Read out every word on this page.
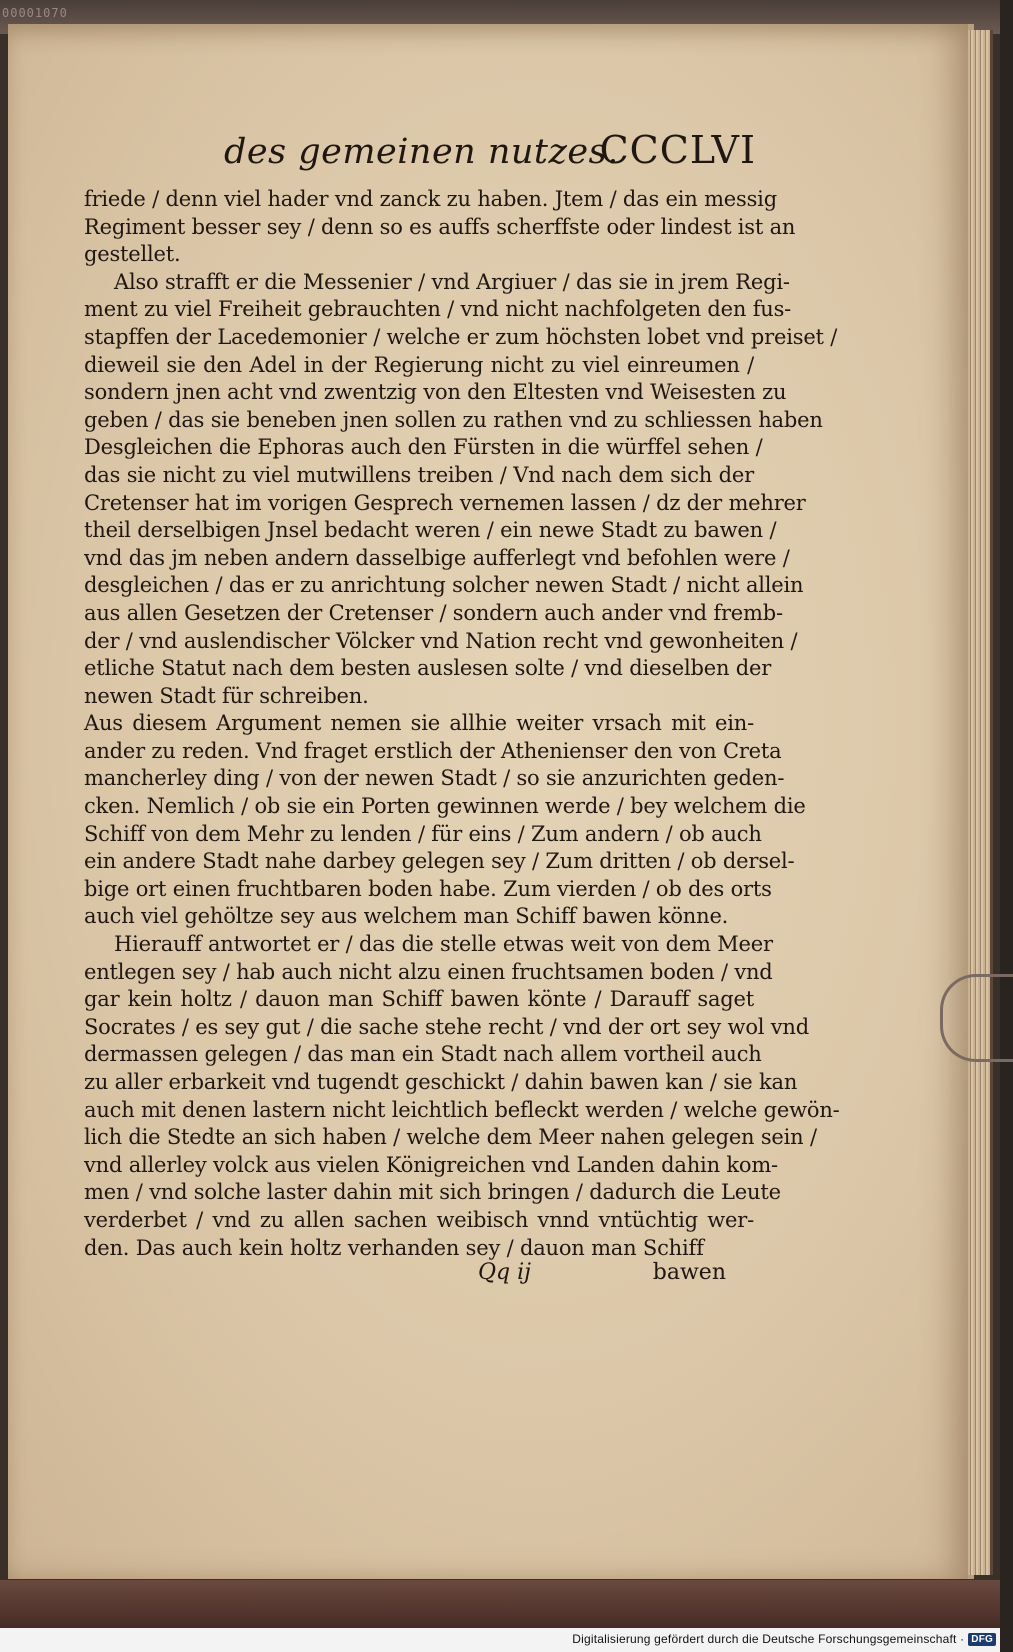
00001070
des gemeinen nutzes.
CCCLVI
friede / denn viel hader vnd zanck zu haben. Jtem / das ein messig
Regiment besser sey / denn so es auffs scherffste oder lindest ist an
gestellet.
Also strafft er die Messenier / vnd Argiuer / das sie in jrem Regi-
ment zu viel Freiheit gebrauchten / vnd nicht nachfolgeten den fus-
stapffen der Lacedemonier / welche er zum höchsten lobet vnd preiset /
dieweil sie den Adel in der Regierung nicht zu viel einreumen /
sondern jnen acht vnd zwentzig von den Eltesten vnd Weisesten zu
geben / das sie beneben jnen sollen zu rathen vnd zu schliessen haben
Desgleichen die Ephoras auch den Fürsten in die würffel sehen /
das sie nicht zu viel mutwillens treiben / Vnd nach dem sich der
Cretenser hat im vorigen Gesprech vernemen lassen / dz der mehrer
theil derselbigen Jnsel bedacht weren / ein newe Stadt zu bawen /
vnd das jm neben andern dasselbige aufferlegt vnd befohlen were /
desgleichen / das er zu anrichtung solcher newen Stadt / nicht allein
aus allen Gesetzen der Cretenser / sondern auch ander vnd fremb-
der / vnd auslendischer Völcker vnd Nation recht vnd gewonheiten /
etliche Statut nach dem besten auslesen solte / vnd dieselben der
newen Stadt für schreiben.
Aus diesem Argument nemen sie allhie weiter vrsach mit ein-
ander zu reden. Vnd fraget erstlich der Athenienser den von Creta
mancherley ding / von der newen Stadt / so sie anzurichten geden-
cken. Nemlich / ob sie ein Porten gewinnen werde / bey welchem die
Schiff von dem Mehr zu lenden / für eins / Zum andern / ob auch
ein andere Stadt nahe darbey gelegen sey / Zum dritten / ob dersel-
bige ort einen fruchtbaren boden habe. Zum vierden / ob des orts
auch viel gehöltze sey aus welchem man Schiff bawen könne.
Hierauff antwortet er / das die stelle etwas weit von dem Meer
entlegen sey / hab auch nicht alzu einen fruchtsamen boden / vnd
gar kein holtz / dauon man Schiff bawen könte / Darauff saget
Socrates / es sey gut / die sache stehe recht / vnd der ort sey wol vnd
dermassen gelegen / das man ein Stadt nach allem vortheil auch
zu aller erbarkeit vnd tugendt geschickt / dahin bawen kan / sie kan
auch mit denen lastern nicht leichtlich befleckt werden / welche gewön-
lich die Stedte an sich haben / welche dem Meer nahen gelegen sein /
vnd allerley volck aus vielen Königreichen vnd Landen dahin kom-
men / vnd solche laster dahin mit sich bringen / dadurch die Leute
verderbet / vnd zu allen sachen weibisch vnnd vntüchtig wer-
den. Das auch kein holtz verhanden sey / dauon man Schiff
Qq ij	bawen
Digitalisierung gefördert durch die Deutsche Forschungsgemeinschaft · DFG
